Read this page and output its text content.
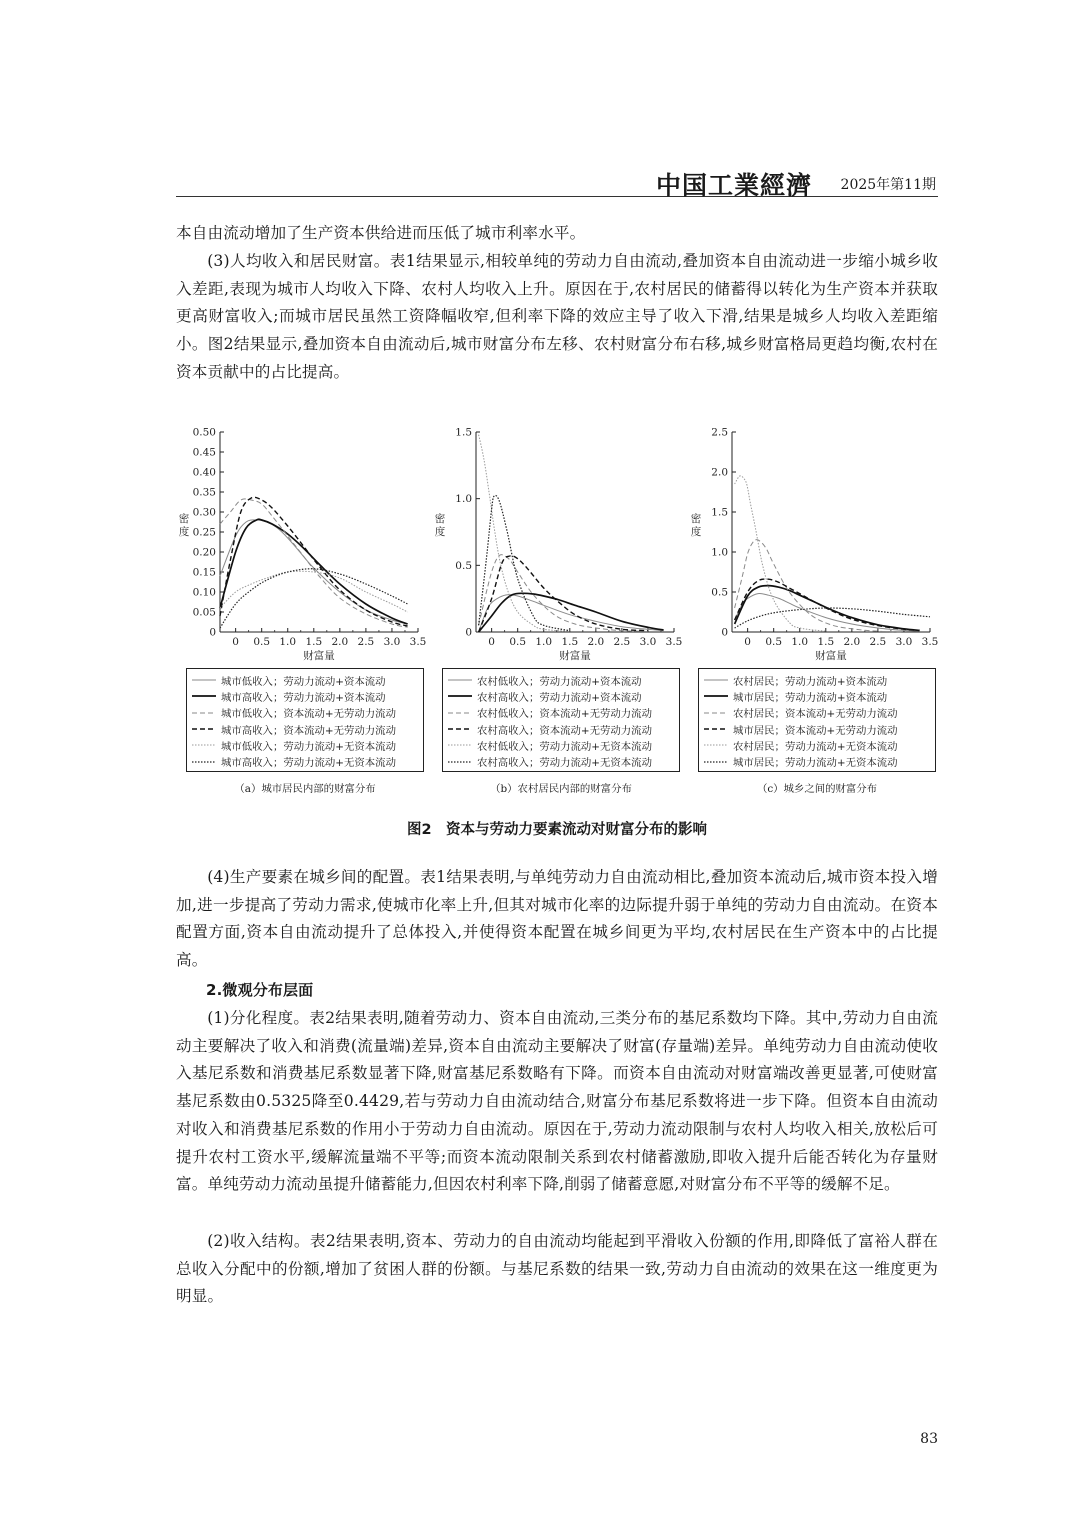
中国工業經濟 2025年第11期
本自由流动增加了生产资本供给进而压低了城市利率水平。
(3)人均收入和居民财富。表1结果显示,相较单纯的劳动力自由流动,叠加资本自由流动进一步缩小城乡收入差距,表现为城市人均收入下降、农村人均收入上升。原因在于,农村居民的储蓄得以转化为生产资本并获取更高财富收入;而城市居民虽然工资降幅收窄,但利率下降的效应主导了收入下滑,结果是城乡人均收入差距缩小。图2结果显示,叠加资本自由流动后,城市财富分布左移、农村财富分布右移,城乡财富格局更趋均衡,农村在资本贡献中的占比提高。
0.50
0.45
0.40
0.35
0.30
0.25
0.20
0.15
0.10
0.05
0
0 0.5 1.0 1.5 2.0 2.5 3.0 3.5
密
度
财富量
城市低收入；劳动力流动+资本流动
城市高收入；劳动力流动+资本流动
城市低收入；资本流动+无劳动力流动
城市高收入；资本流动+无劳动力流动
城市低收入；劳动力流动+无资本流动
城市高收入；劳动力流动+无资本流动
（a）城市居民内部的财富分布
1.5
1.0
0.5
0
0 0.5 1.0 1.5 2.0 2.5 3.0 3.5
密
度
财富量
农村低收入；劳动力流动+资本流动
农村高收入；劳动力流动+资本流动
农村低收入；资本流动+无劳动力流动
农村高收入；资本流动+无劳动力流动
农村低收入；劳动力流动+无资本流动
农村高收入；劳动力流动+无资本流动
（b）农村居民内部的财富分布
2.5
2.0
1.5
1.0
0.5
0
0 0.5 1.0 1.5 2.0 2.5 3.0 3.5
密
度
财富量
农村居民；劳动力流动+资本流动
城市居民；劳动力流动+资本流动
农村居民；资本流动+无劳动力流动
城市居民；资本流动+无劳动力流动
农村居民；劳动力流动+无资本流动
城市居民；劳动力流动+无资本流动
（c）城乡之间的财富分布
图2　资本与劳动力要素流动对财富分布的影响
(4)生产要素在城乡间的配置。表1结果表明,与单纯劳动力自由流动相比,叠加资本流动后,城市资本投入增加,进一步提高了劳动力需求,使城市化率上升,但其对城市化率的边际提升弱于单纯的劳动力自由流动。在资本配置方面,资本自由流动提升了总体投入,并使得资本配置在城乡间更为平均,农村居民在生产资本中的占比提高。
2.微观分布层面
(1)分化程度。表2结果表明,随着劳动力、资本自由流动,三类分布的基尼系数均下降。其中,劳动力自由流动主要解决了收入和消费(流量端)差异,资本自由流动主要解决了财富(存量端)差异。单纯劳动力自由流动使收入基尼系数和消费基尼系数显著下降,财富基尼系数略有下降。而资本自由流动对财富端改善更显著,可使财富基尼系数由0.5325降至0.4429,若与劳动力自由流动结合,财富分布基尼系数将进一步下降。但资本自由流动对收入和消费基尼系数的作用小于劳动力自由流动。原因在于,劳动力流动限制与农村人均收入相关,放松后可提升农村工资水平,缓解流量端不平等;而资本流动限制关系到农村储蓄激励,即收入提升后能否转化为存量财富。单纯劳动力流动虽提升储蓄能力,但因农村利率下降,削弱了储蓄意愿,对财富分布不平等的缓解不足。
(2)收入结构。表2结果表明,资本、劳动力的自由流动均能起到平滑收入份额的作用,即降低了富裕人群在总收入分配中的份额,增加了贫困人群的份额。与基尼系数的结果一致,劳动力自由流动的效果在这一维度更为明显。
83
